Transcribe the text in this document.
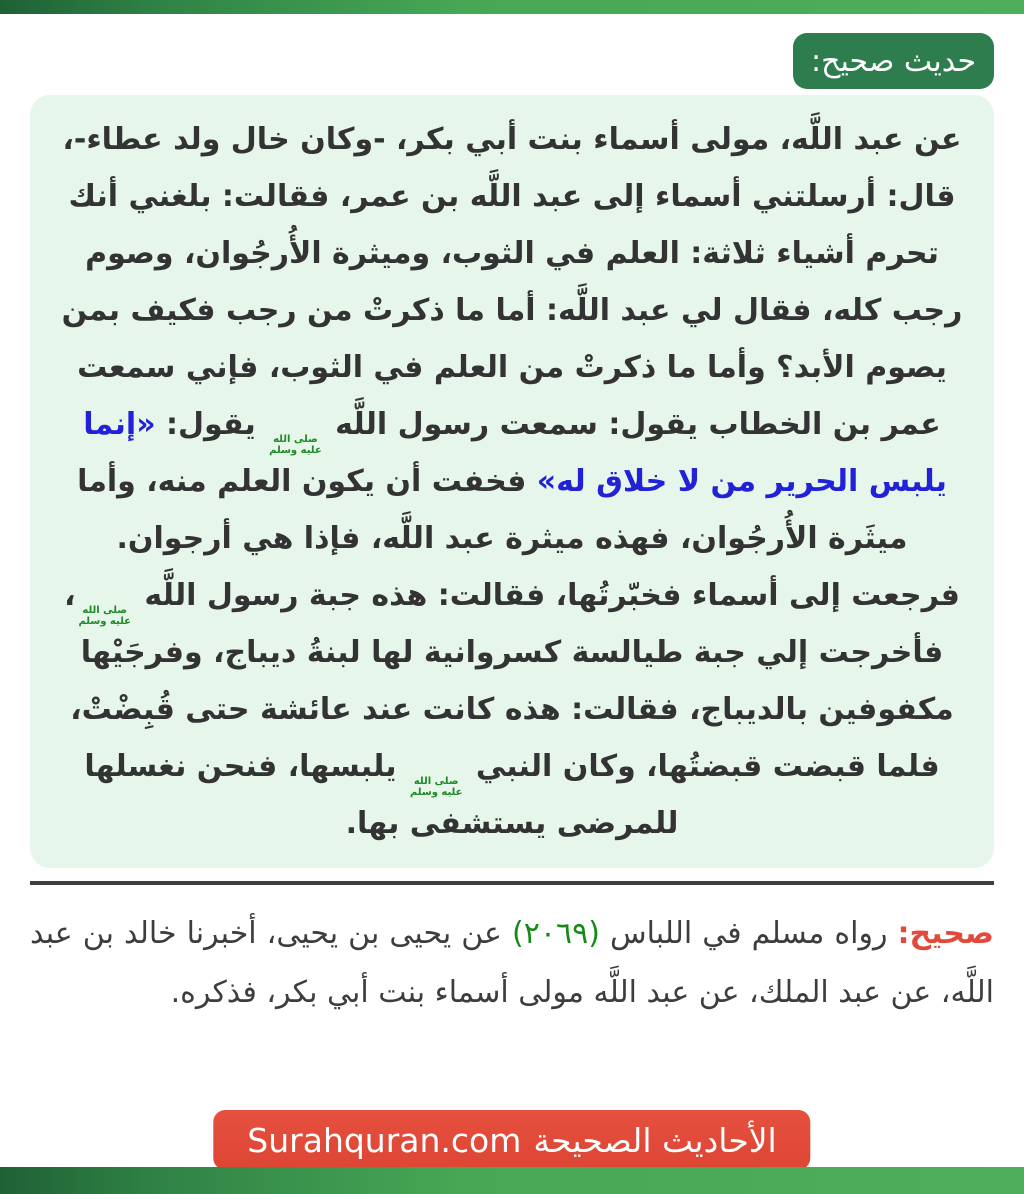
حديث صحيح:
عن عبد اللَّه، مولى أسماء بنت أبي بكر، -وكان خال ولد عطاء-،
قال: أرسلتني أسماء إلى عبد اللَّه بن عمر، فقالت: بلغني أنك
تحرم أشياء ثلاثة: العلم في الثوب، وميثرة الأُرجُوان، وصوم
رجب كله، فقال لي عبد اللَّه: أما ما ذكرتْ من رجب فكيف بمن
يصوم الأبد؟ وأما ما ذكرتْ من العلم في الثوب، فإني سمعت
عمر بن الخطاب يقول: سمعت رسول اللَّه
صلى الله
عليه وسلم
يقول: «إنما
يلبس الحرير من لا خلاق له» فخفت أن يكون العلم منه، وأما
ميثَرة الأُرجُوان، فهذه ميثرة عبد اللَّه، فإذا هي أرجوان.
فرجعت إلى أسماء فخبّرتُها، فقالت: هذه جبة رسول اللَّه
صلى الله
عليه وسلم
،
فأخرجت إلي جبة طيالسة كسروانية لها لبنةُ ديباج، وفرجَيْها
مكفوفين بالديباج، فقالت: هذه كانت عند عائشة حتى قُبِضْتْ،
فلما قبضت قبضتُها، وكان النبي
صلى الله
عليه وسلم
يلبسها، فنحن نغسلها
للمرضى يستشفى بها.

صحيح: رواه مسلم في اللباس (٢٠٦٩) عن يحيى بن يحيى، أخبرنا خالد بن عبد اللَّه، عن عبد الملك، عن عبد اللَّه مولى أسماء بنت أبي بكر، فذكره.

الأحاديث الصحيحة
Surahquran.com
